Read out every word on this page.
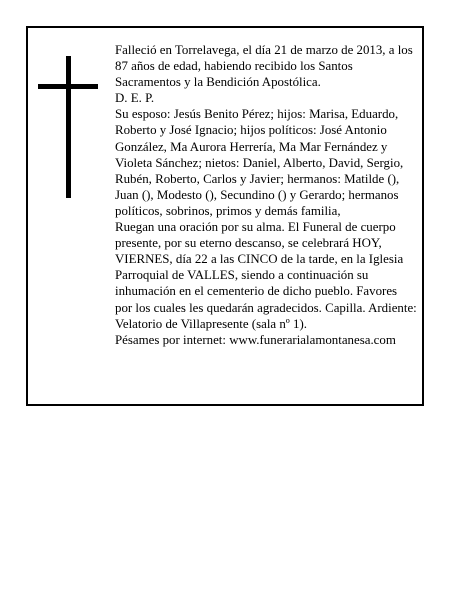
Falleció en Torrelavega, el día 21 de marzo de 2013, a los 87 años de edad, habiendo recibido los Santos Sacramentos y la Bendición Apostólica.

D. E. P.

Su esposo: Jesús Benito Pérez; hijos: Marisa, Eduardo, Roberto y José Ignacio; hijos políticos: José Antonio González, Ma Aurora Herrería, Ma Mar Fernández y Violeta Sánchez; nietos: Daniel, Alberto, David, Sergio, Rubén, Roberto, Carlos y Javier; hermanos: Matilde (), Juan (), Modesto (), Secundino () y Gerardo; hermanos políticos, sobrinos, primos y demás familia,

Ruegan una oración por su alma. El Funeral de cuerpo presente, por su eterno descanso, se celebrará HOY, VIERNES, día 22 a las CINCO de la tarde, en la Iglesia Parroquial de VALLES, siendo a continuación su inhumación en el cementerio de dicho pueblo. Favores por los cuales les quedarán agradecidos. Capilla. Ardiente: Velatorio de Villapresente (sala nº 1).

Pésames por internet: www.funerarialamontanesa.com
